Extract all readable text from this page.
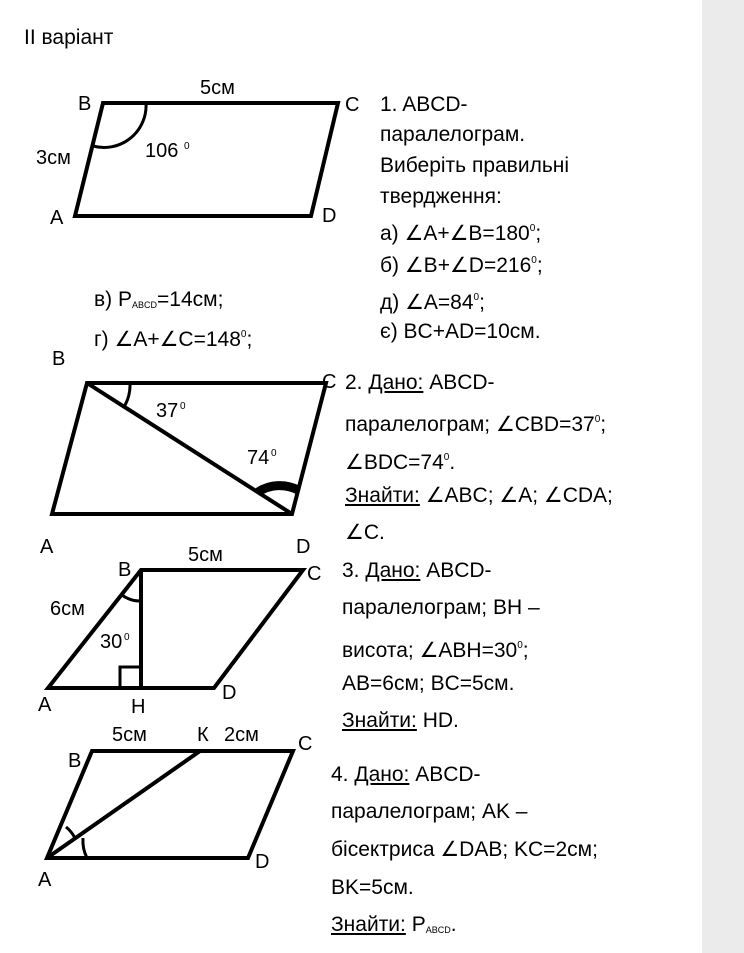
II варіант
B	C
A	D
5см
3см	106 0
B
C
A	D
37 0
74 0
B	C
A	H
D
5см
6см
30 0
B
C
A
D
К
5см	2см
1. ABCD-
паралелограм.
Виберіть правильні
твердження:
а) $\angle A+\angle B=180^0$;
б) $\angle B+\angle D=216^0$;
д) $\angle A=84^0$;
є) BC+AD=10см.
в) $P_{ABCD}=14см$;
г) $\angle A+\angle C=148^0$;
2. Дано: ABCD-
паралелограм; $\angle CBD=37^0$;
$\angle BDC=74^0$.
Знайти: ∠ABC; ∠A; ∠CDA;
∠C.
3. Дано: ABCD-
паралелограм; BH –
висота; $\angle ABH=30^0$;
AB=6см; BC=5см.
Знайти: HD.
4. Дано: ABCD-
паралелограм; AK –
бісектриса ∠DAB; KC=2см;
BK=5см.
Знайти: $P_{ABCD}$.
